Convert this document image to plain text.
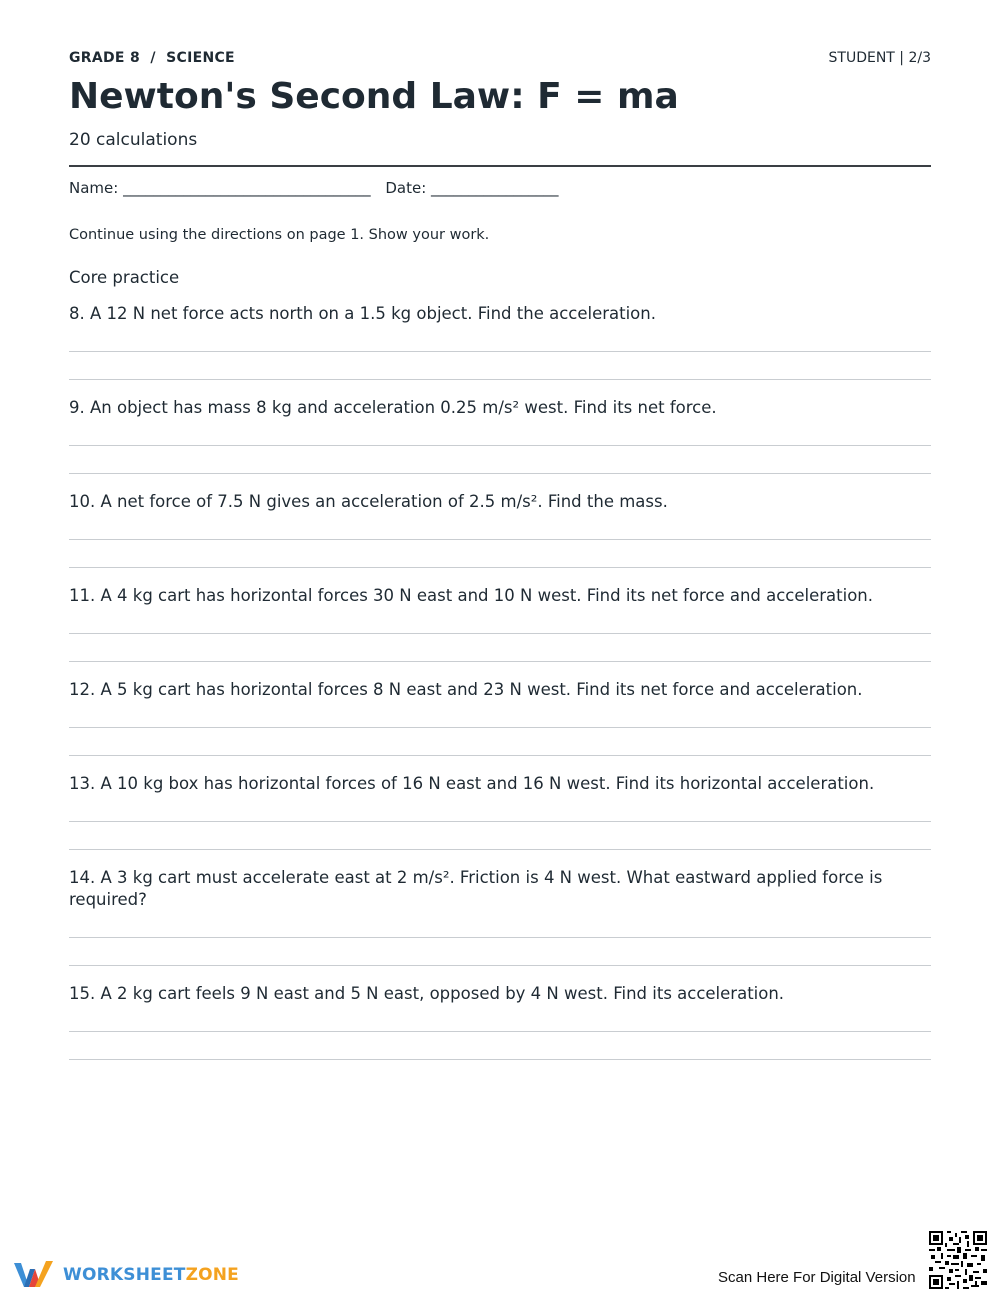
GRADE 8  /  SCIENCE	STUDENT | 2/3
Newton's Second Law: F = ma
20 calculations
Name: _________________________________ Date: _________________
Continue using the directions on page 1. Show your work.
Core practice

8. A 12 N net force acts north on a 1.5 kg object. Find the acceleration.

9. An object has mass 8 kg and acceleration 0.25 m/s² west. Find its net force.

10. A net force of 7.5 N gives an acceleration of 2.5 m/s². Find the mass.

11. A 4 kg cart has horizontal forces 30 N east and 10 N west. Find its net force and acceleration.

12. A 5 kg cart has horizontal forces 8 N east and 23 N west. Find its net force and acceleration.

13. A 10 kg box has horizontal forces of 16 N east and 16 N west. Find its horizontal acceleration.

14. A 3 kg cart must accelerate east at 2 m/s². Friction is 4 N west. What eastward applied force is required?

15. A 2 kg cart feels 9 N east and 5 N east, opposed by 4 N west. Find its acceleration.

WORKSHEETZONE	Scan Here For Digital Version
